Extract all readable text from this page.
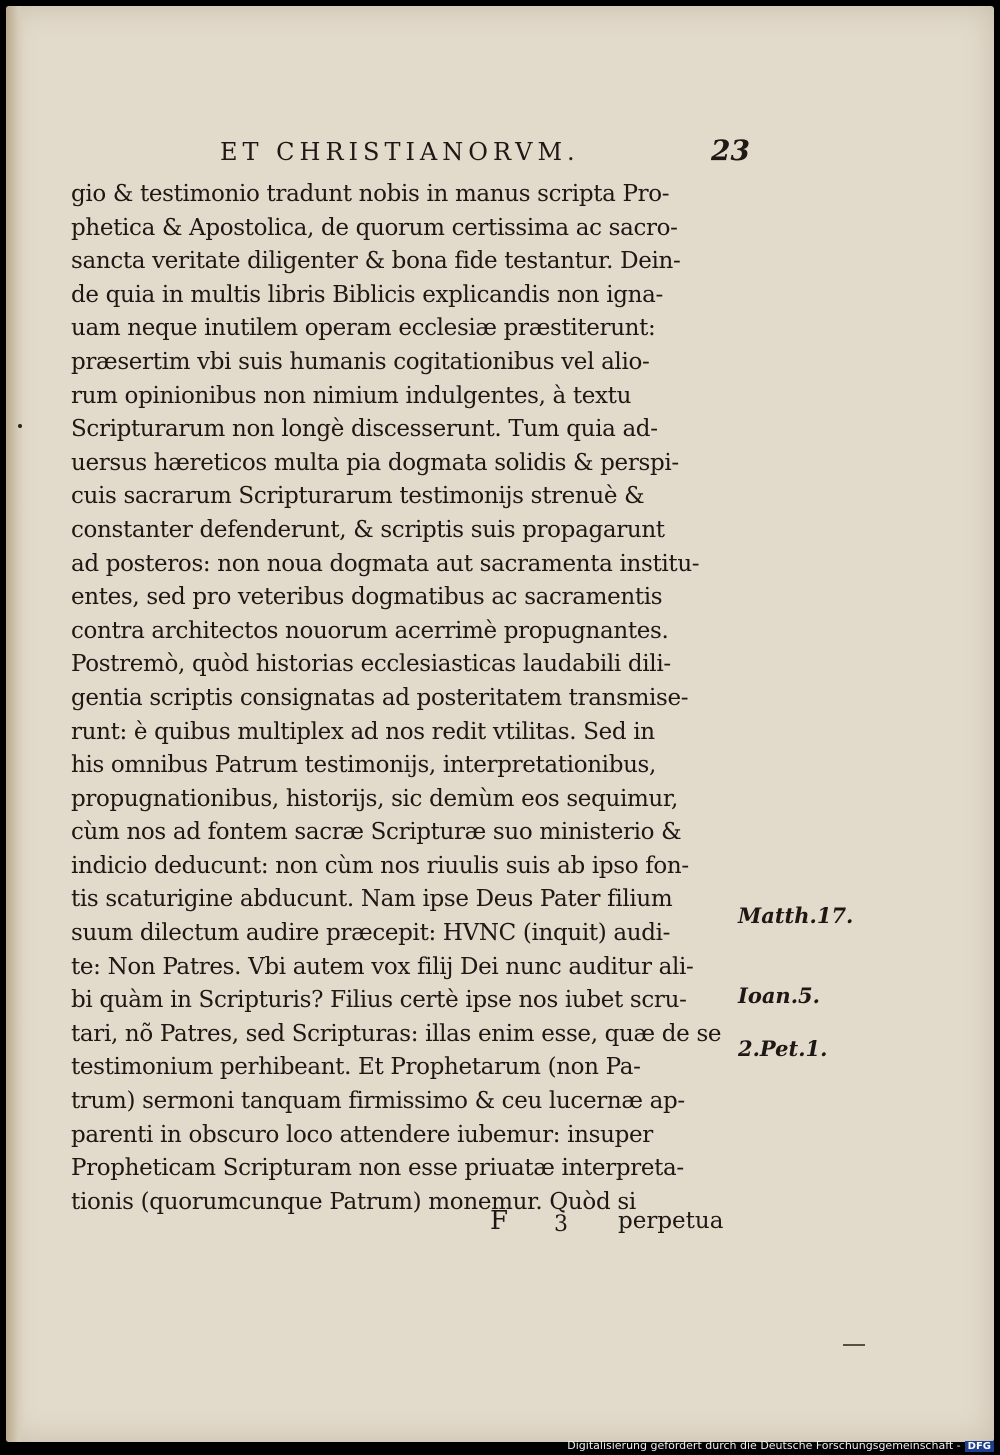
ET CHRISTIANORVM.	23
gio & testimonio tradunt nobis in manus scripta Pro-
phetica & Apostolica, de quorum certissima ac sacro-
sancta veritate diligenter & bona fide testantur. Dein-
de quia in multis libris Biblicis explicandis non igna-
uam neque inutilem operam ecclesiæ præstiterunt:
præsertim vbi suis humanis cogitationibus vel alio-
rum opinionibus non nimium indulgentes, à textu
Scripturarum non longè discesserunt. Tum quia ad-
uersus hæreticos multa pia dogmata solidis & perspi-
cuis sacrarum Scripturarum testimonijs strenuè &
constanter defenderunt, & scriptis suis propagarunt
ad posteros: non noua dogmata aut sacramenta institu-
entes, sed pro veteribus dogmatibus ac sacramentis
contra architectos nouorum acerrimè propugnantes.
Postremò, quòd historias ecclesiasticas laudabili dili-
gentia scriptis consignatas ad posteritatem transmise-
runt: è quibus multiplex ad nos redit vtilitas. Sed in
his omnibus Patrum testimonijs, interpretationibus,
propugnationibus, historijs, sic demùm eos sequimur,
cùm nos ad fontem sacræ Scripturæ suo ministerio &
indicio deducunt: non cùm nos riuulis suis ab ipso fon-
tis scaturigine abducunt. Nam ipse Deus Pater filium
suum dilectum audire præcepit: HVNC (inquit) audi-
te: Non Patres. Vbi autem vox filij Dei nunc auditur ali-
bi quàm in Scripturis? Filius certè ipse nos iubet scru-
tari, nõ Patres, sed Scripturas: illas enim esse, quæ de se
testimonium perhibeant. Et Prophetarum (non Pa-
trum) sermoni tanquam firmissimo & ceu lucernæ ap-
parenti in obscuro loco attendere iubemur: insuper
Propheticam Scripturam non esse priuatæ interpreta-
tionis (quorumcunque Patrum) monemur. Quòd si
Matth.17.
Ioan.5.
2.Pet.1.
F 3 perpetua
Digitalisierung gefördert durch die Deutsche Forschungsgemeinschaft - DFG
